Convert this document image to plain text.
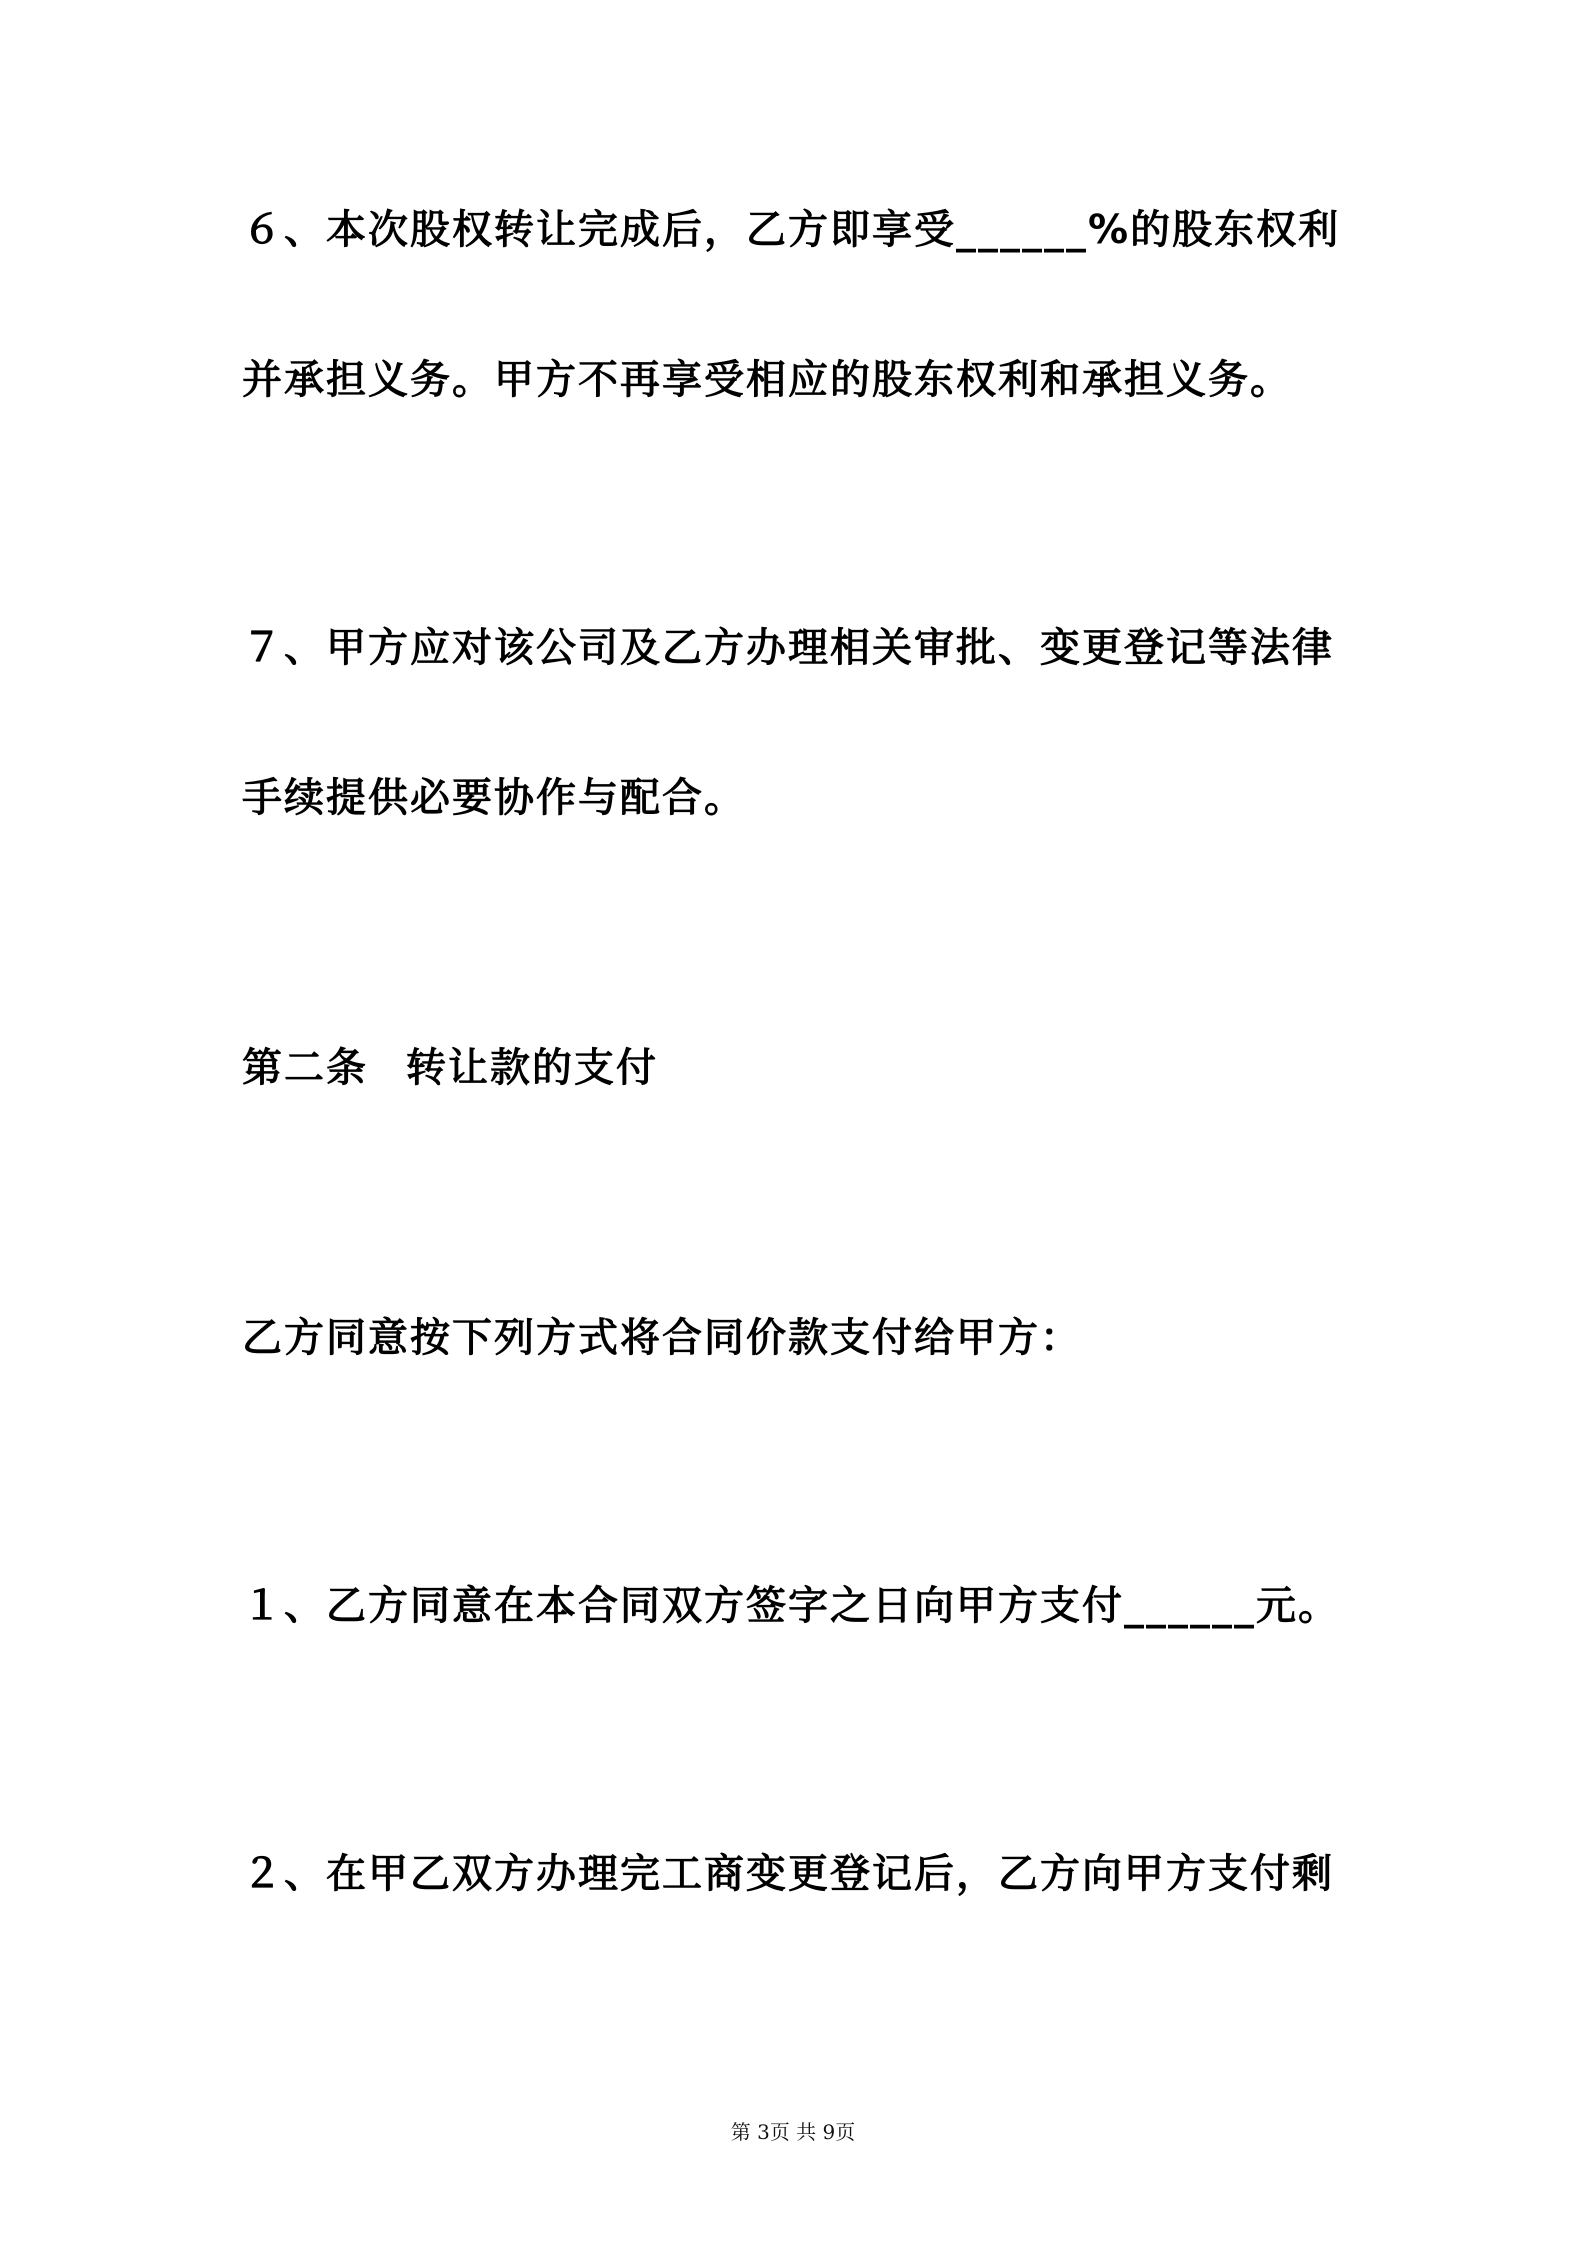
６、本次股权转让完成后，乙方即享受______%的股东权利
并承担义务。甲方不再享受相应的股东权利和承担义务。
７、甲方应对该公司及乙方办理相关审批、变更登记等法律
手续提供必要协作与配合。
第二条 转让款的支付
乙方同意按下列方式将合同价款支付给甲方：
１、乙方同意在本合同双方签字之日向甲方支付______元。
２、在甲乙双方办理完工商变更登记后，乙方向甲方支付剩
第 3页 共 9页
